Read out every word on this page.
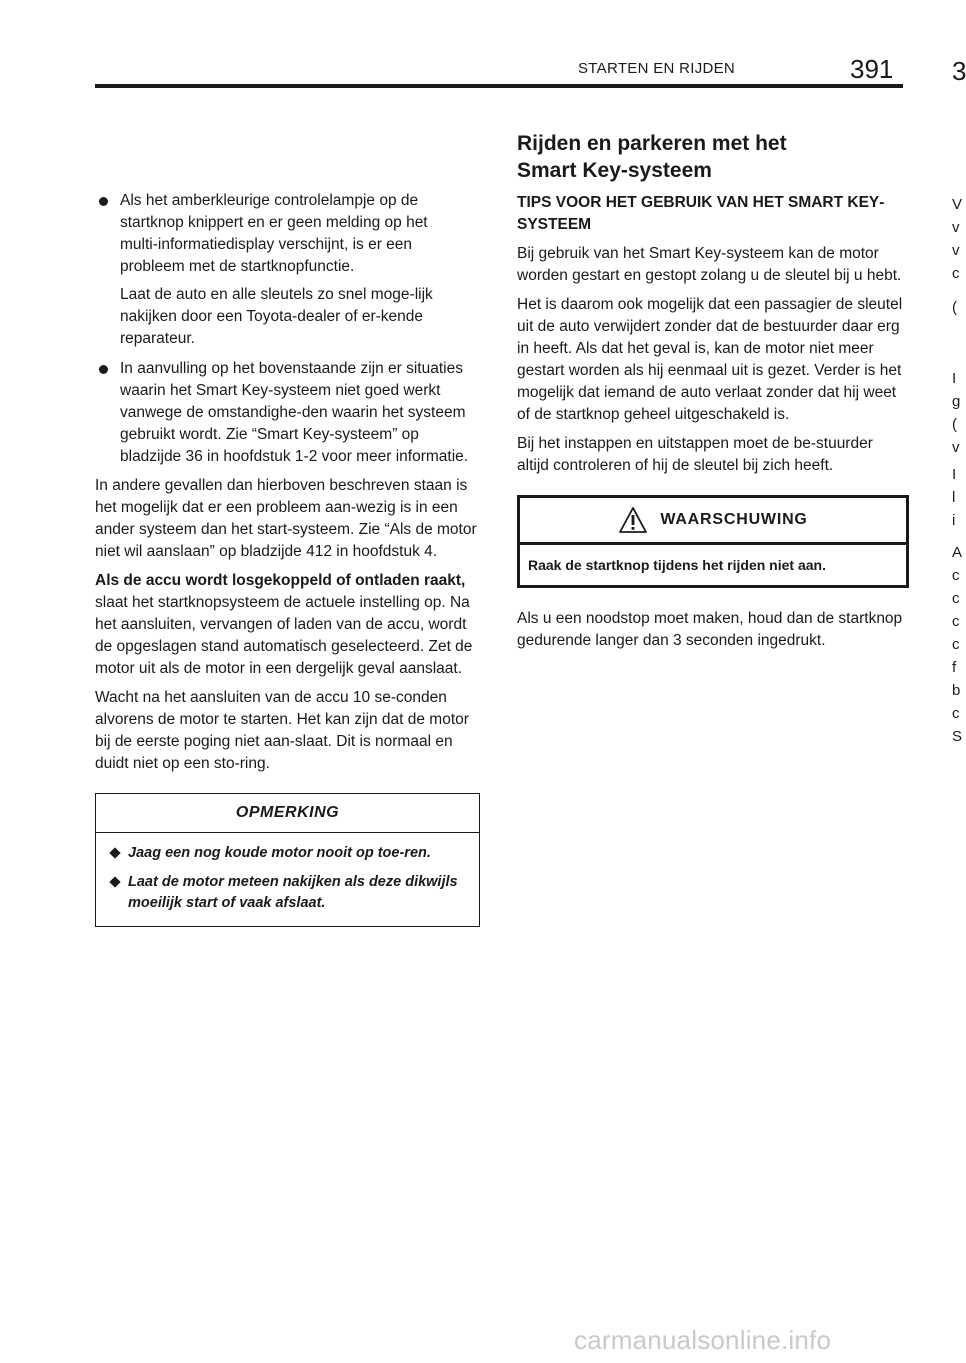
STARTEN EN RIJDEN	391 3
V
v
v
c
(
I
g
(
v
I
l
i
A
c
c
c
c
f
b
c
S

Als het amberkleurige controlelampje op de startknop knippert en er geen melding op het multi‑informatiedisplay verschijnt, is er een probleem met de startknopfunctie.

Laat de auto en alle sleutels zo snel moge‑lijk nakijken door een Toyota‑dealer of er‑kende reparateur.

In aanvulling op het bovenstaande zijn er situaties waarin het Smart Key‑systeem niet goed werkt vanwege de omstandighe‑den waarin het systeem gebruikt wordt. Zie “Smart Key‑systeem” op bladzijde 36 in hoofdstuk 1‑2 voor meer informatie.

In andere gevallen dan hierboven beschreven staan is het mogelijk dat er een probleem aan‑wezig is in een ander systeem dan het start‑systeem. Zie “Als de motor niet wil aanslaan” op bladzijde 412 in hoofdstuk 4.

Als de accu wordt losgekoppeld of ontladen raakt, slaat het startknopsysteem de actuele instelling op. Na het aansluiten, vervangen of laden van de accu, wordt de opgeslagen stand automatisch geselecteerd. Zet de motor uit als de motor in een dergelijk geval aanslaat.

Wacht na het aansluiten van de accu 10 se‑conden alvorens de motor te starten. Het kan zijn dat de motor bij de eerste poging niet aan‑slaat. Dit is normaal en duidt niet op een sto‑ring.

OPMERKING
Jaag een nog koude motor nooit op toe‑ren.
Laat de motor meteen nakijken als deze dikwijls moeilijk start of vaak afslaat.
Rijden en parkeren met het
Smart Key‑systeem

TIPS VOOR HET GEBRUIK VAN HET SMART KEY‑ SYSTEEM

Bij gebruik van het Smart Key‑systeem kan de motor worden gestart en gestopt zolang u de sleutel bij u hebt.

Het is daarom ook mogelijk dat een passagier de sleutel uit de auto verwijdert zonder dat de bestuurder daar erg in heeft. Als dat het geval is, kan de motor niet meer gestart worden als hij eenmaal uit is gezet. Verder is het mogelijk dat iemand de auto verlaat zonder dat hij weet of de startknop geheel uitgeschakeld is.

Bij het instappen en uitstappen moet de be‑stuurder altijd controleren of hij de sleutel bij zich heeft.

WAARSCHUWING
Raak de startknop tijdens het rijden niet aan.

Als u een noodstop moet maken, houd dan de startknop gedurende langer dan 3 seconden ingedrukt.

carmanualsonline.info
